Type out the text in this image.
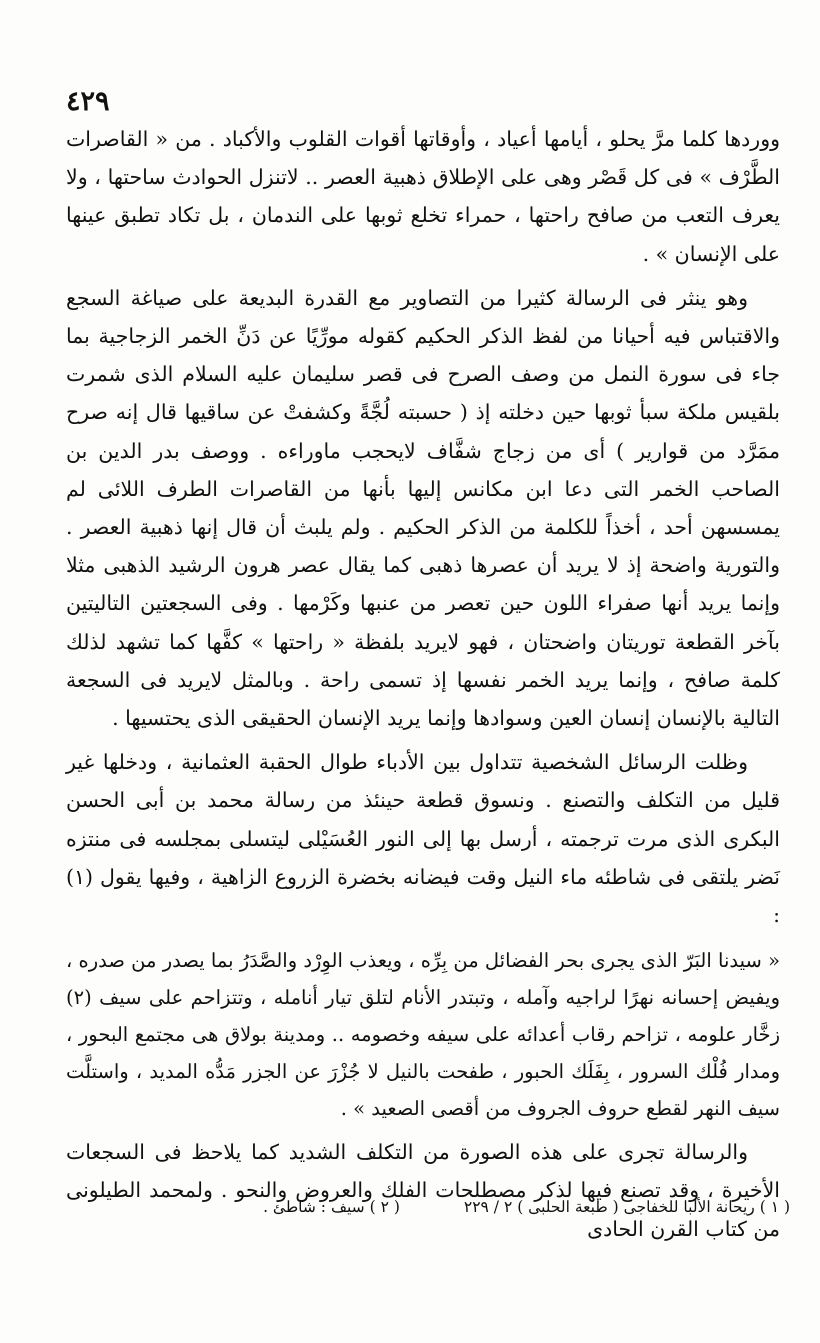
٤٢٩

ووردها كلما مرَّ يحلو ، أيامها أعياد ، وأوقاتها أقوات القلوب والأكباد . من « القاصرات الطَّرْف » فى كل قَصْر وهى على الإطلاق ذهبية العصر .. لاتنزل الحوادث ساحتها ، ولا يعرف التعب من صافح راحتها ، حمراء تخلع ثوبها على الندمان ، بل تكاد تطبق عينها على الإنسان » .

وهو ينثر فى الرسالة كثيرا من التصاوير مع القدرة البديعة على صياغة السجع والاقتباس فيه أحيانا من لفظ الذكر الحكيم كقوله مورِّيًا عن دَنِّ الخمر الزجاجية بما جاء فى سورة النمل من وصف الصرح فى قصر سليمان عليه السلام الذى شمرت بلقيس ملكة سبأ ثوبها حين دخلته إذ ( حسبته لُجَّةً وكشفتْ عن ساقيها قال إنه صرح ممَرَّد من قوارير ) أى من زجاج شفَّاف لايحجب ماوراءه . ووصف بدر الدين بن الصاحب الخمر التى دعا ابن مكانس إليها بأنها من القاصرات الطرف اللائى لم يمسسهن أحد ، أخذاً للكلمة من الذكر الحكيم . ولم يلبث أن قال إنها ذهبية العصر . والتورية واضحة إذ لا يريد أن عصرها ذهبى كما يقال عصر هرون الرشيد الذهبى مثلا وإنما يريد أنها صفراء اللون حين تعصر من عنبها وكَرْمها . وفى السجعتين التاليتين بآخر القطعة توريتان واضحتان ، فهو لايريد بلفظة « راحتها » كفَّها كما تشهد لذلك كلمة صافح ، وإنما يريد الخمر نفسها إذ تسمى راحة . وبالمثل لايريد فى السجعة التالية بالإنسان إنسان العين وسوادها وإنما يريد الإنسان الحقيقى الذى يحتسيها .

وظلت الرسائل الشخصية تتداول بين الأدباء طوال الحقبة العثمانية ، ودخلها غير قليل من التكلف والتصنع . ونسوق قطعة حينئذ من رسالة محمد بن أبى الحسن البكرى الذى مرت ترجمته ، أرسل بها إلى النور العُسَيْلى ليتسلى بمجلسه فى منتزه نَضر يلتقى فى شاطئه ماء النيل وقت فيضانه بخضرة الزروع الزاهية ، وفيها يقول (١) :

« سيدنا البَرّ الذى يجرى بحر الفضائل من بِرِّه ، ويعذب الوِرْد والصَّدَرُ بما يصدر من صدره ، ويفيض إحسانه نهرًا لراجيه وآمله ، وتبتدر الأنام لتلق تيار أنامله ، وتتزاحم على سيف (٢) زخَّار علومه ، تزاحم رقاب أعدائه على سيفه وخصومه .. ومدينة بولاق هى مجتمع البحور ، ومدار فُلْك السرور ، بِفَلَك الحبور ، طفحت بالنيل لا جُزْرَ عن الجزر مَدُّه المديد ، واستلَّت سيف النهر لقطع حروف الجروف من أقصى الصعيد » .

والرسالة تجرى على هذه الصورة من التكلف الشديد كما يلاحظ فى السجعات الأخيرة ، وقد تصنع فيها لذكر مصطلحات الفلك والعروض والنحو . ولمحمد الطيلونى من كتاب القرن الحادى

( ١ ) ريحانة الألبا للخفاجى ( طبعة الحلبى ) ٢ / ٢٢٩
( ٢ ) سيف : شاطئ .
